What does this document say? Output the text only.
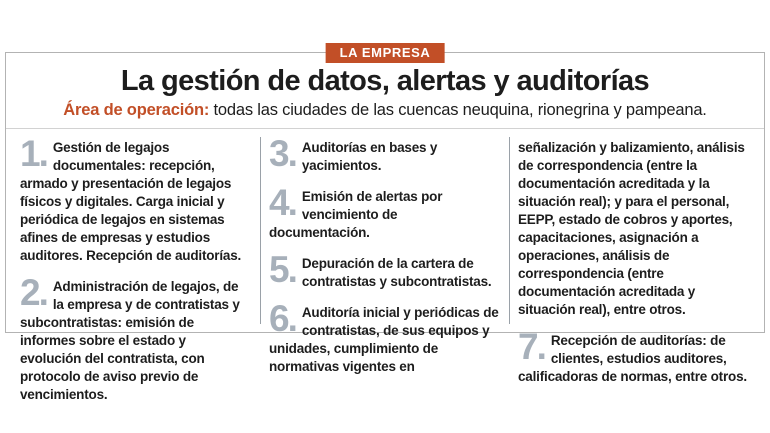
LA EMPRESA
La gestión de datos, alertas y auditorías
Área de operación: todas las ciudades de las cuencas neuquina, rionegrina y pampeana.
1. Gestión de legajos documentales: recepción, armado y presentación de legajos físicos y digitales. Carga inicial y periódica de legajos en sistemas afines de empresas y estudios auditores. Recepción de auditorías.
2. Administración de legajos, de la empresa y de contratistas y subcontratistas: emisión de informes sobre el estado y evolución del contratista, con protocolo de aviso previo de vencimientos.
3. Auditorías en bases y yacimientos.
4. Emisión de alertas por vencimiento de documentación.
5. Depuración de la cartera de contratistas y subcontratistas.
6. Auditoría inicial y periódicas de contratistas, de sus equipos y unidades, cumplimiento de normativas vigentes en
señalización y balizamiento, análisis de correspondencia (entre la documentación acreditada y la situación real); y para el personal, EEPP, estado de cobros y aportes, capacitaciones, asignación a operaciones, análisis de correspondencia (entre documentación acreditada y situación real), entre otros.
7. Recepción de auditorías: de clientes, estudios auditores, calificadoras de normas, entre otros.
